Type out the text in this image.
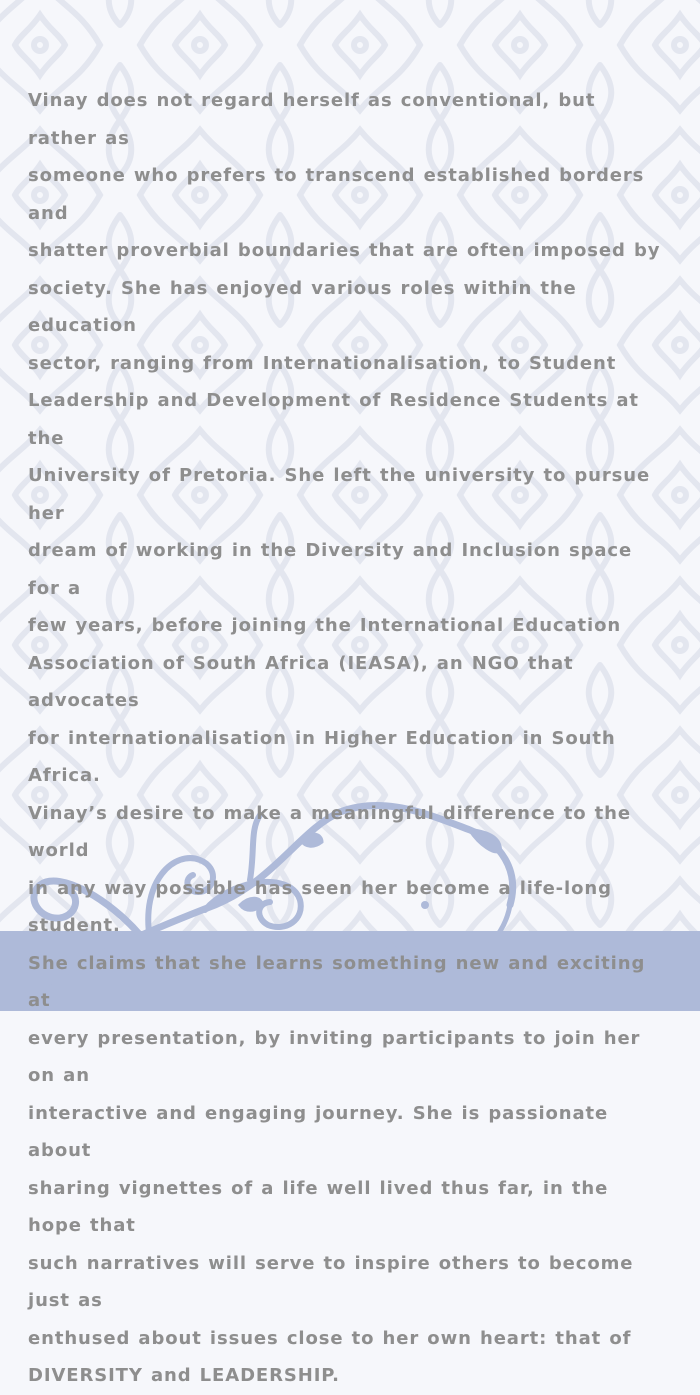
Vinay does not regard herself as conventional, but rather as
someone who prefers to transcend established borders and
shatter proverbial boundaries that are often imposed by
society. She has enjoyed various roles within the education
sector, ranging from Internationalisation, to Student
Leadership and Development of Residence Students at the
University of Pretoria. She left the university to pursue her
dream of working in the Diversity and Inclusion space for a
few years, before joining the International Education
Association of South Africa (IEASA), an NGO that advocates
for internationalisation in Higher Education in South Africa.
Vinay’s desire to make a meaningful difference to the world
in any way possible has seen her become a life-long student.
She claims that she learns something new and exciting at
every presentation, by inviting participants to join her on an
interactive and engaging journey. She is passionate about
sharing vignettes of a life well lived thus far, in the hope that
such narratives will serve to inspire others to become just as
enthused about issues close to her own heart: that of
DIVERSITY and LEADERSHIP.
